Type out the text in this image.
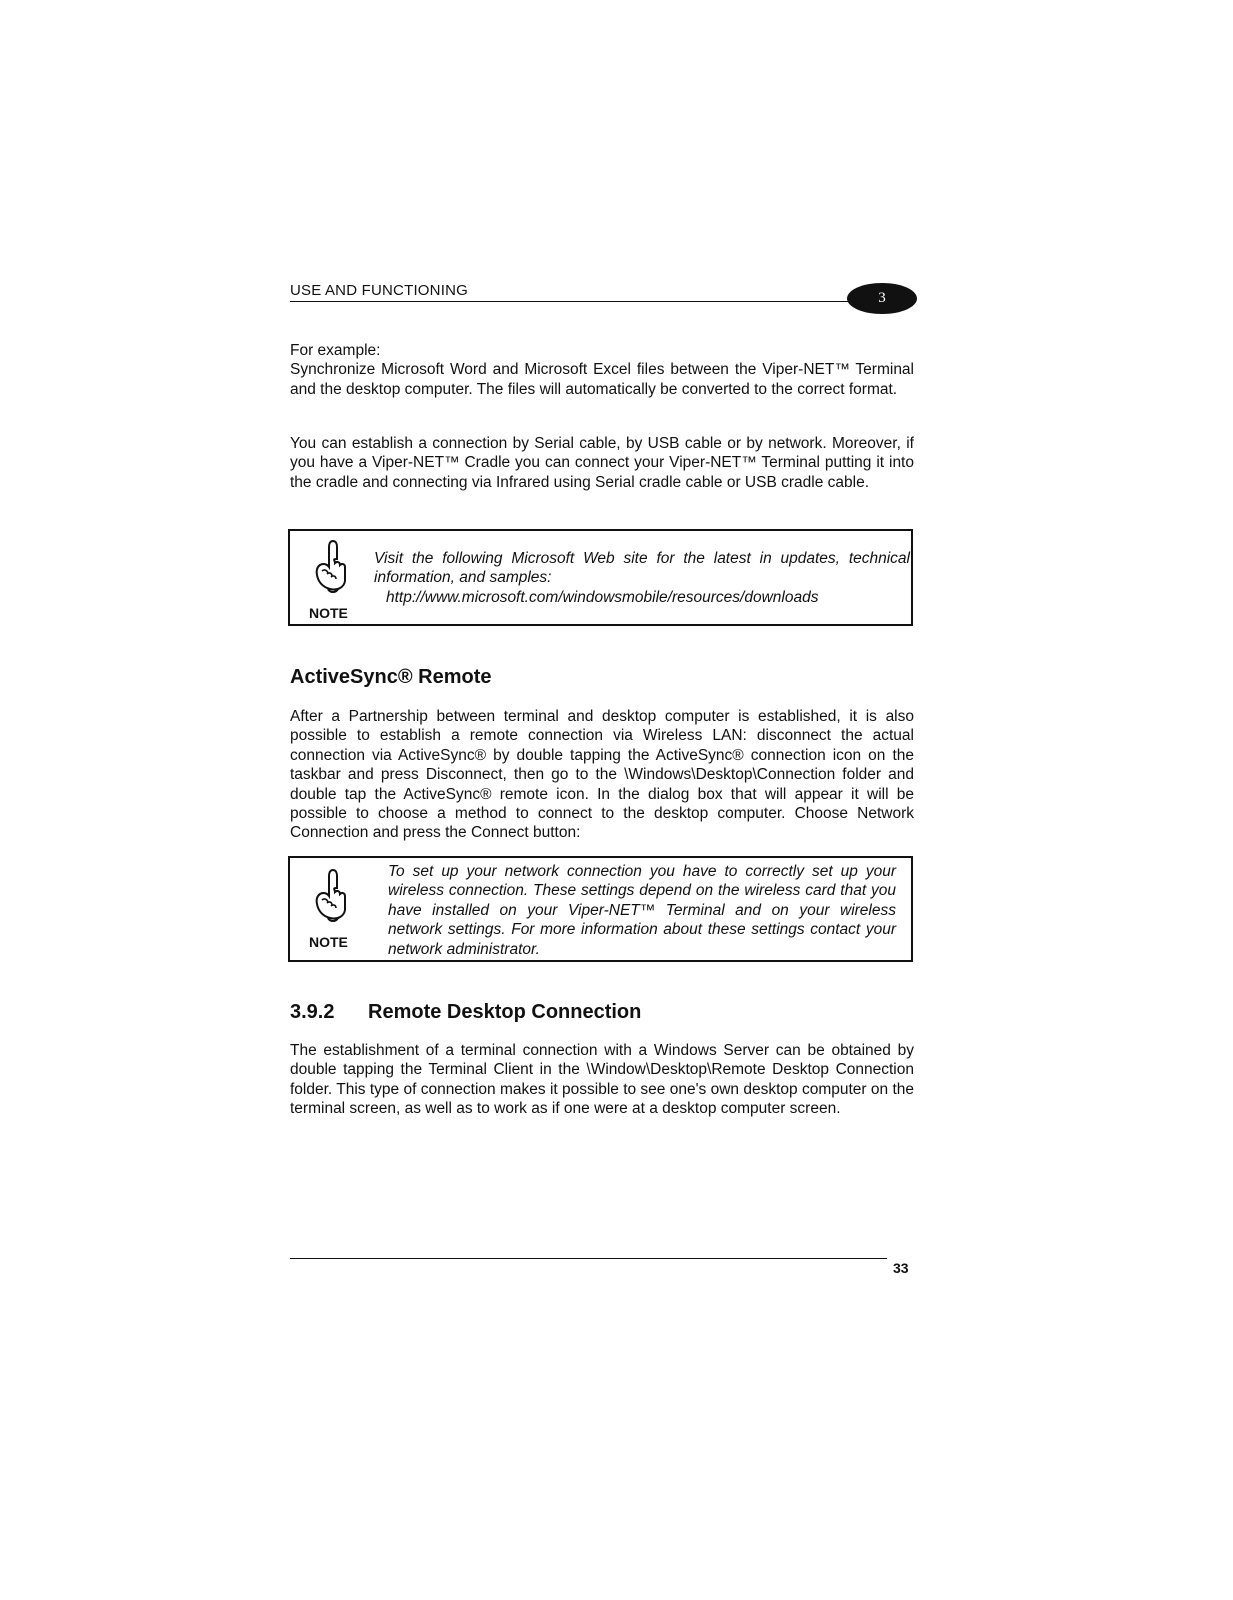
USE AND FUNCTIONING	3

For example:

Synchronize Microsoft Word and Microsoft Excel files between the Viper-NET™ Terminal and the desktop computer. The files will automatically be converted to the correct format.

You can establish a connection by Serial cable, by USB cable or by network. Moreover, if you have a Viper-NET™ Cradle you can connect your Viper-NET™ Terminal putting it into the cradle and connecting via Infrared using Serial cradle cable or USB cradle cable.
NOTE
Visit the following Microsoft Web site for the latest in updates, technical information, and samples:
http://www.microsoft.com/windowsmobile/resources/downloads
ActiveSync® Remote
After a Partnership between terminal and desktop computer is established, it is also possible to establish a remote connection via Wireless LAN: disconnect the actual connection via ActiveSync® by double tapping the ActiveSync® connection icon on the taskbar and press Disconnect, then go to the \Windows\Desktop\Connection folder and double tap the ActiveSync® remote icon. In the dialog box that will appear it will be possible to choose a method to connect to the desktop computer. Choose Network Connection and press the Connect button:
NOTE
To set up your network connection you have to correctly set up your wireless connection. These settings depend on the wireless card that you have installed on your Viper-NET™ Terminal and on your wireless network settings. For more information about these settings contact your network administrator.
3.9.2 Remote Desktop Connection
The establishment of a terminal connection with a Windows Server can be obtained by double tapping the Terminal Client in the \Window\Desktop\Remote Desktop Connection folder. This type of connection makes it possible to see one's own desktop computer on the terminal screen, as well as to work as if one were at a desktop computer screen.
33
